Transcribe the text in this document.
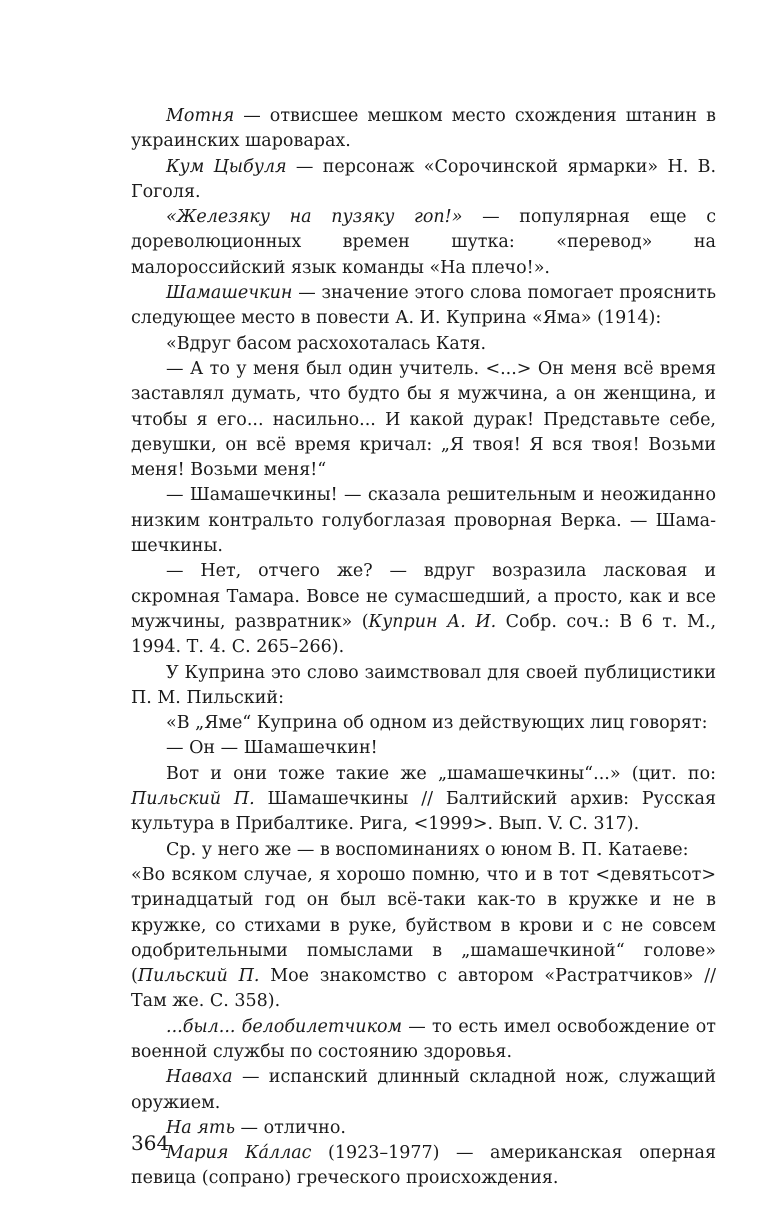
Мотня — отвисшее мешком место схождения штанин в украинских шароварах.

Кум Цыбуля — персонаж «Сорочинской ярмарки» Н. В. Гоголя.

«Железяку на пузяку гоп!» — популярная еще с дореволюционных времен шутка: «перевод» на малороссийский язык команды «На плечо!».

Шамашечкин — значение этого слова помогает прояснить следующее место в повести А. И. Куприна «Яма» (1914):

«Вдруг басом расхохоталась Катя.

— А то у меня был один учитель. <...> Он меня всё время заставлял думать, что будто бы я мужчина, а он женщина, и чтобы я его... насильно... И какой дурак! Представьте себе, девушки, он всё время кричал: „Я твоя! Я вся твоя! Возьми меня! Возьми меня!“

— Шамашечкины! — сказала решительным и неожиданно низким контральто голубоглазая проворная Верка. — Шамашечкины.

— Нет, отчего же? — вдруг возразила ласковая и скромная Тамара. Вовсе не сумасшедший, а просто, как и все мужчины, развратник» (Куприн А. И. Собр. соч.: В 6 т. М., 1994. Т. 4. С. 265–266).

У Куприна это слово заимствовал для своей публицистики П. М. Пильский:

«В „Яме“ Куприна об одном из действующих лиц говорят:

— Он — Шамашечкин!

Вот и они тоже такие же „шамашечкины“...» (цит. по: Пильский П. Шамашечкины // Балтийский архив: Русская культура в Прибалтике. Рига, <1999>. Вып. V. С. 317).

Ср. у него же — в воспоминаниях о юном В. П. Катаеве:

«Во всяком случае, я хорошо помню, что и в тот <девятьсот> тринадцатый год он был всё-таки как-то в кружке и не в кружке, со стихами в руке, буйством в крови и с не совсем одобрительными помыслами в „шамашечкиной“ голове» (Пильский П. Мое знакомство с автором «Растратчиков» // Там же. С. 358).

...был... белобилетчиком — то есть имел освобождение от военной службы по состоянию здоровья.

Наваха — испанский длинный складной нож, служащий оружием.

На ять — отлично.

Мария Ка́ллас (1923–1977) — американская оперная певица (сопрано) греческого происхождения.

364
